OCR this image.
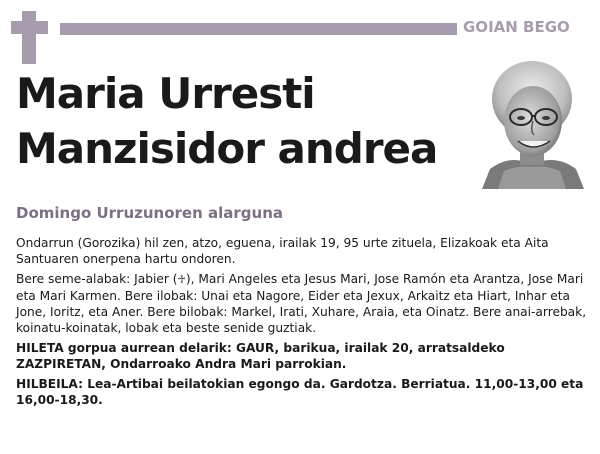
GOIAN BEGO
Maria Urresti
Manzisidor andrea
Domingo Urruzunoren alarguna

Ondarrun (Gorozika) hil zen, atzo, eguena, irailak 19, 95 urte zituela, Elizakoak eta Aita Santuaren onerpena hartu ondoren.

Bere seme-alabak: Jabier (♱), Mari Angeles eta Jesus Mari, Jose Ramón eta Arantza, Jose Mari eta Mari Karmen. Bere ilobak: Unai eta Nagore, Eider eta Jexux, Arkaitz eta Hiart, Inhar eta Jone, Ioritz, eta Aner. Bere bilobak: Markel, Irati, Xuhare, Araia, eta Oinatz. Bere anai-arrebak, koinatu-koinatak, lobak eta beste senide guztiak.

HILETA gorpua aurrean delarik: GAUR, barikua, irailak 20, arratsaldeko ZAZPIRETAN, Ondarroako Andra Mari parrokian.

HILBEILA: Lea-Artibai beilatokian egongo da. Gardotza. Berriatua. 11,00-13,00 eta 16,00-18,30.
